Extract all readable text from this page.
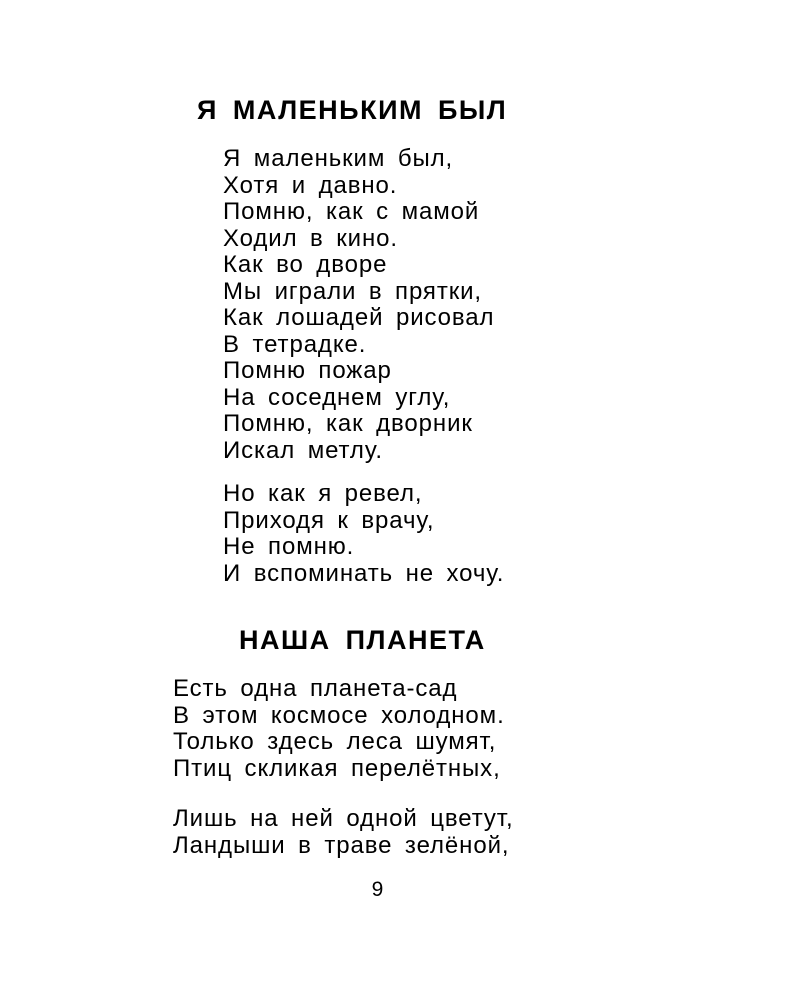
Я МАЛЕНЬКИМ БЫЛ
Я маленьким был,
Хотя и давно.
Помню, как с мамой
Ходил в кино.
Как во дворе
Мы играли в прятки,
Как лошадей рисовал
В тетрадке.
Помню пожар
На соседнем углу,
Помню, как дворник
Искал метлу.
Но как я ревел,
Приходя к врачу,
Не помню.
И вспоминать не хочу.
НАША ПЛАНЕТА
Есть одна планета-сад
В этом космосе холодном.
Только здесь леса шумят,
Птиц скликая перелётных,
Лишь на ней одной цветут,
Ландыши в траве зелёной,
9
